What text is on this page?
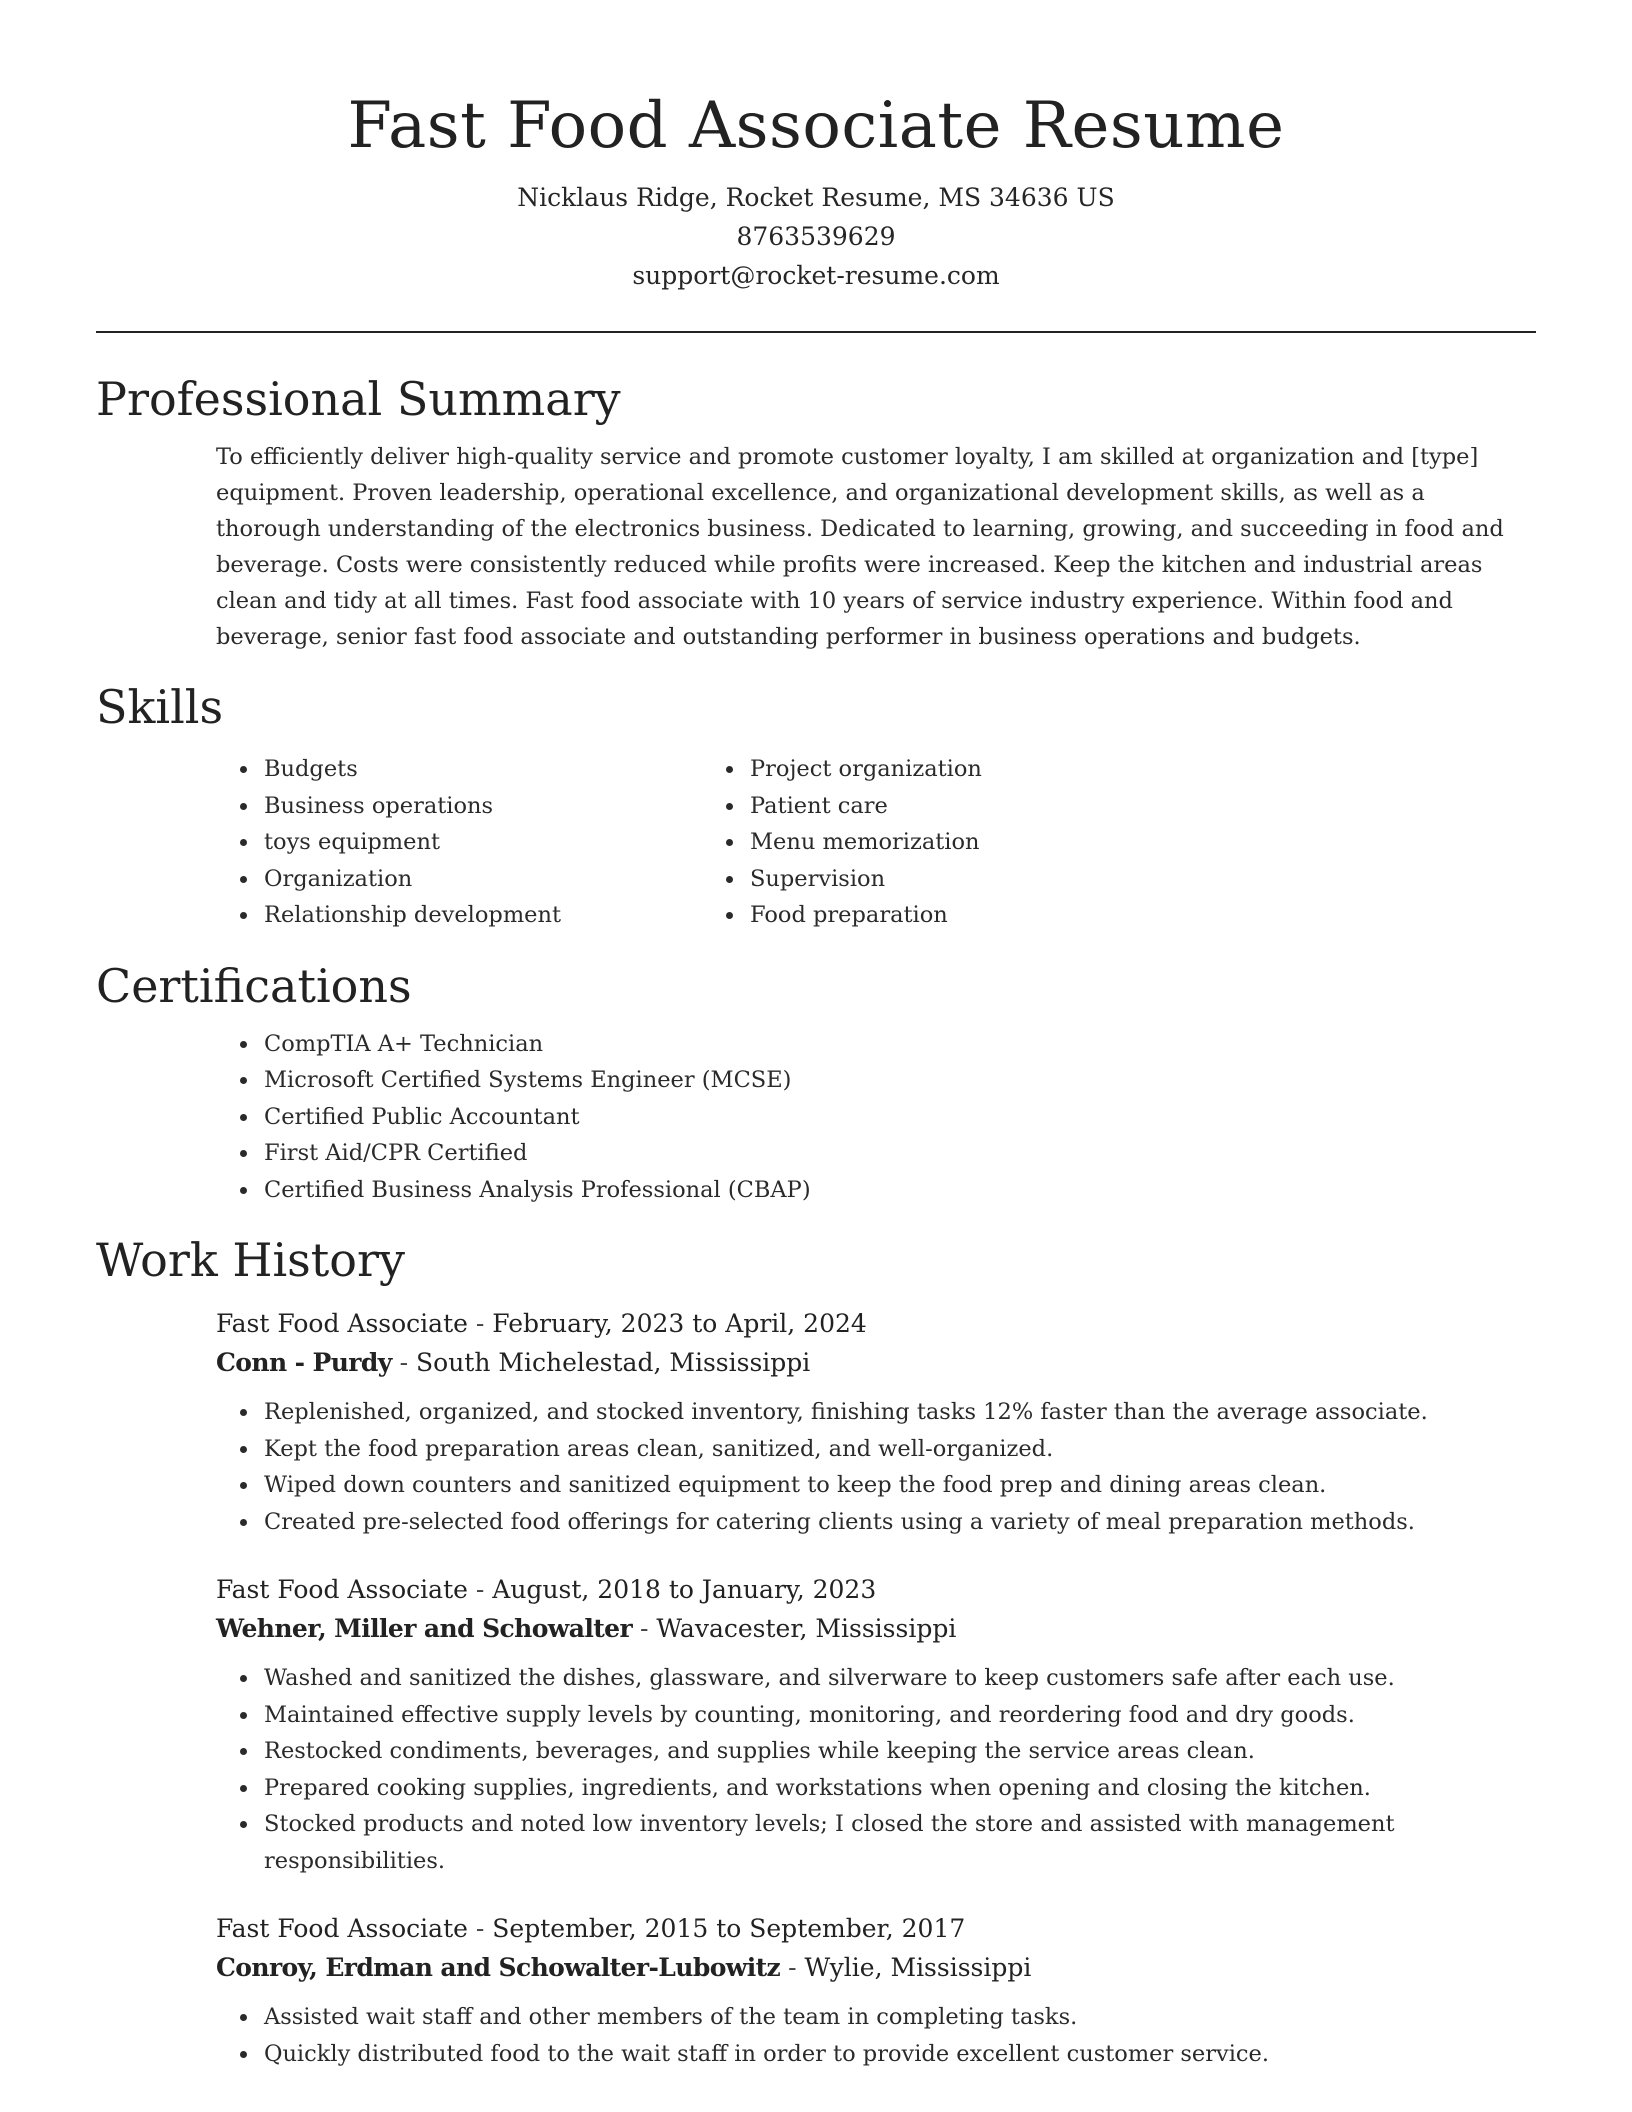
Fast Food Associate Resume
Nicklaus Ridge, Rocket Resume, MS 34636 US
8763539629
support@rocket-resume.com
Professional Summary

To efficiently deliver high-quality service and promote customer loyalty, I am skilled at organization and [type] equipment. Proven leadership, operational excellence, and organizational development skills, as well as a thorough understanding of the electronics business. Dedicated to learning, growing, and succeeding in food and beverage. Costs were consistently reduced while profits were increased. Keep the kitchen and industrial areas clean and tidy at all times. Fast food associate with 10 years of service industry experience. Within food and beverage, senior fast food associate and outstanding performer in business operations and budgets.

Skills
• Budgets
• Business operations
• toys equipment
• Organization
• Relationship development
• Project organization
• Patient care
• Menu memorization
• Supervision
• Food preparation
Certifications
• CompTIA A+ Technician
• Microsoft Certified Systems Engineer (MCSE)
• Certified Public Accountant
• First Aid/CPR Certified
• Certified Business Analysis Professional (CBAP)
Work History
Fast Food Associate - February, 2023 to April, 2024
Conn - Purdy - South Michelestad, Mississippi
• Replenished, organized, and stocked inventory, finishing tasks 12% faster than the average associate.
• Kept the food preparation areas clean, sanitized, and well-organized.
• Wiped down counters and sanitized equipment to keep the food prep and dining areas clean.
• Created pre-selected food offerings for catering clients using a variety of meal preparation methods.
Fast Food Associate - August, 2018 to January, 2023
Wehner, Miller and Schowalter - Wavacester, Mississippi
• Washed and sanitized the dishes, glassware, and silverware to keep customers safe after each use.
• Maintained effective supply levels by counting, monitoring, and reordering food and dry goods.
• Restocked condiments, beverages, and supplies while keeping the service areas clean.
• Prepared cooking supplies, ingredients, and workstations when opening and closing the kitchen.
• Stocked products and noted low inventory levels; I closed the store and assisted with management responsibilities.
Fast Food Associate - September, 2015 to September, 2017
Conroy, Erdman and Schowalter-Lubowitz - Wylie, Mississippi
• Assisted wait staff and other members of the team in completing tasks.
• Quickly distributed food to the wait staff in order to provide excellent customer service.
